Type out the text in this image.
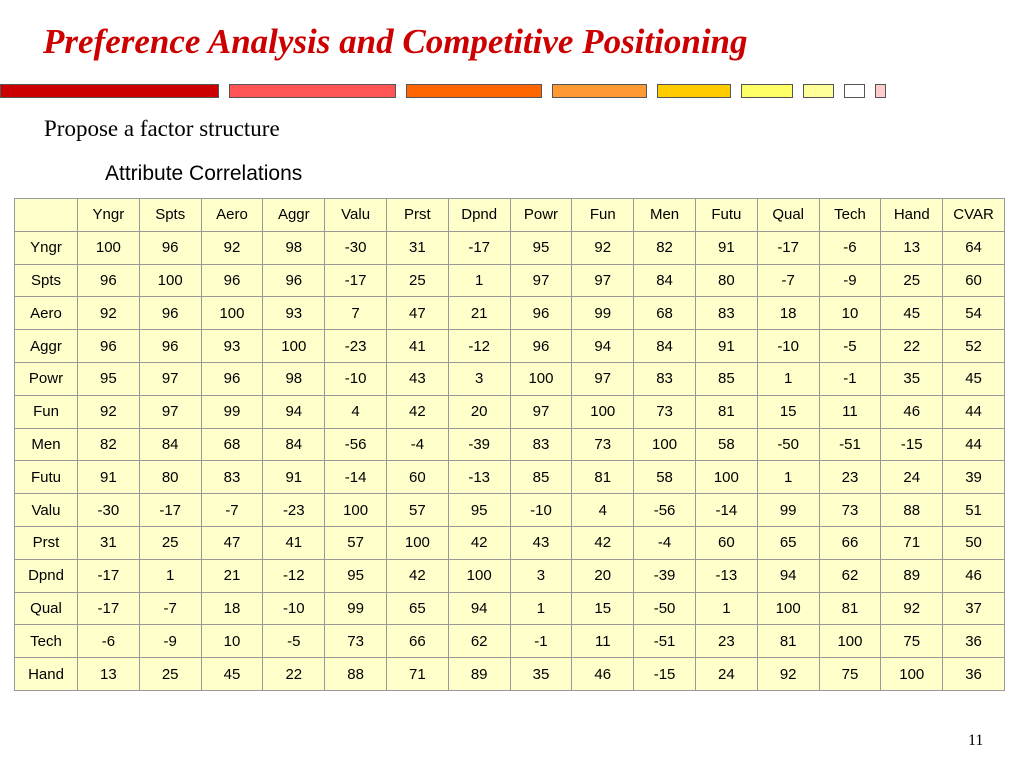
Preference Analysis and Competitive Positioning
Propose a factor structure
Attribute Correlations
	Yngr	Spts	Aero	Aggr	Valu	Prst	Dpnd	Powr	Fun	Men	Futu	Qual	Tech	Hand	CVAR
Yngr	100	96	92	98	-30	31	-17	95	92	82	91	-17	-6	13	64
Spts	96	100	96	96	-17	25	1	97	97	84	80	-7	-9	25	60
Aero	92	96	100	93	7	47	21	96	99	68	83	18	10	45	54
Aggr	96	96	93	100	-23	41	-12	96	94	84	91	-10	-5	22	52
Powr	95	97	96	98	-10	43	3	100	97	83	85	1	-1	35	45
Fun	92	97	99	94	4	42	20	97	100	73	81	15	11	46	44
Men	82	84	68	84	-56	-4	-39	83	73	100	58	-50	-51	-15	44
Futu	91	80	83	91	-14	60	-13	85	81	58	100	1	23	24	39
Valu	-30	-17	-7	-23	100	57	95	-10	4	-56	-14	99	73	88	51
Prst	31	25	47	41	57	100	42	43	42	-4	60	65	66	71	50
Dpnd	-17	1	21	-12	95	42	100	3	20	-39	-13	94	62	89	46
Qual	-17	-7	18	-10	99	65	94	1	15	-50	1	100	81	92	37
Tech	-6	-9	10	-5	73	66	62	-1	11	-51	23	81	100	75	36
Hand	13	25	45	22	88	71	89	35	46	-15	24	92	75	100	36
11
